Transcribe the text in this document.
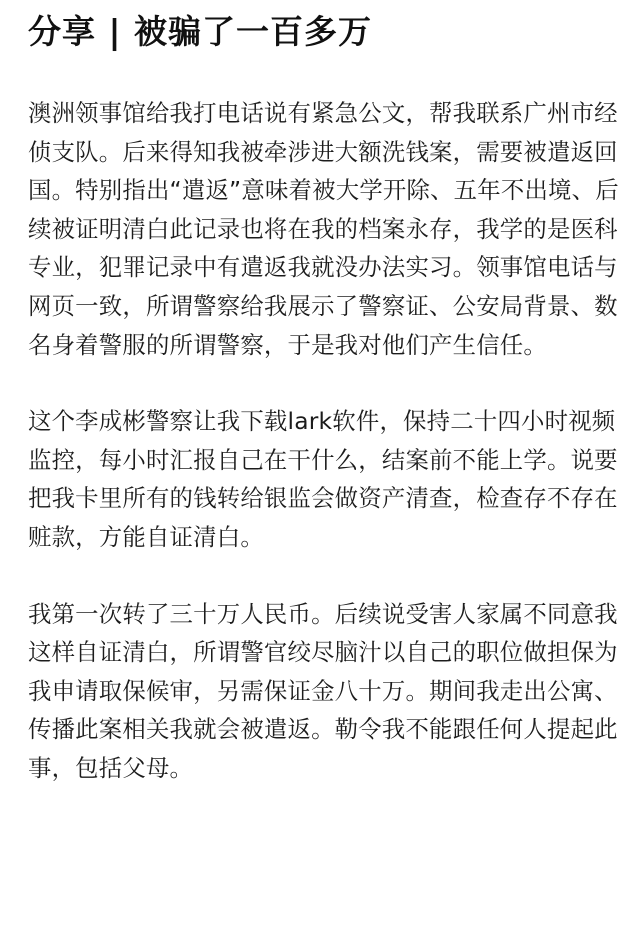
分享 | 被骗了一百多万

澳洲领事馆给我打电话说有紧急公文，帮我联系广州市经侦支队。后来得知我被牵涉进大额洗钱案，需要被遣返回国。特别指出“遣返”意味着被大学开除、五年不出境、后续被证明清白此记录也将在我的档案永存，我学的是医科专业，犯罪记录中有遣返我就没办法实习。领事馆电话与网页一致，所谓警察给我展示了警察证、公安局背景、数名身着警服的所谓警察，于是我对他们产生信任。

这个李成彬警察让我下载lark软件，保持二十四小时视频监控，每小时汇报自己在干什么，结案前不能上学。说要把我卡里所有的钱转给银监会做资产清查，检查存不存在赃款，方能自证清白。

我第一次转了三十万人民币。后续说受害人家属不同意我这样自证清白，所谓警官绞尽脑汁以自己的职位做担保为我申请取保候审，另需保证金八十万。期间我走出公寓、传播此案相关我就会被遣返。勒令我不能跟任何人提起此事，包括父母。
